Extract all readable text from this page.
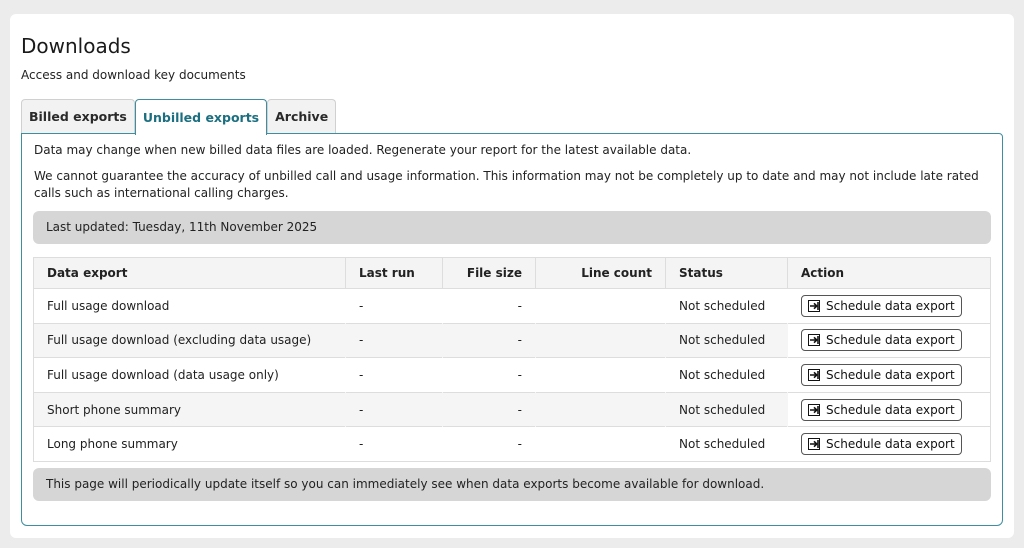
Downloads

Access and download key documents

Billed exports	Unbilled exports	Archive

Data may change when new billed data files are loaded. Regenerate your report for the latest available data.

We cannot guarantee the accuracy of unbilled call and usage information. This information may not be completely up to date and may not include late rated calls such as international calling charges.

Last updated: Tuesday, 11th November 2025
Data export	Last run	File size	Line count	Status	Action
Full usage download	-	-		Not scheduled	Schedule data export

Full usage download (excluding data usage)	-	-		Not scheduled	Schedule data export

Full usage download (data usage only)	-	-		Not scheduled	Schedule data export

Short phone summary	-	-		Not scheduled	Schedule data export

Long phone summary	-	-		Not scheduled	Schedule data export
This page will periodically update itself so you can immediately see when data exports become available for download.
